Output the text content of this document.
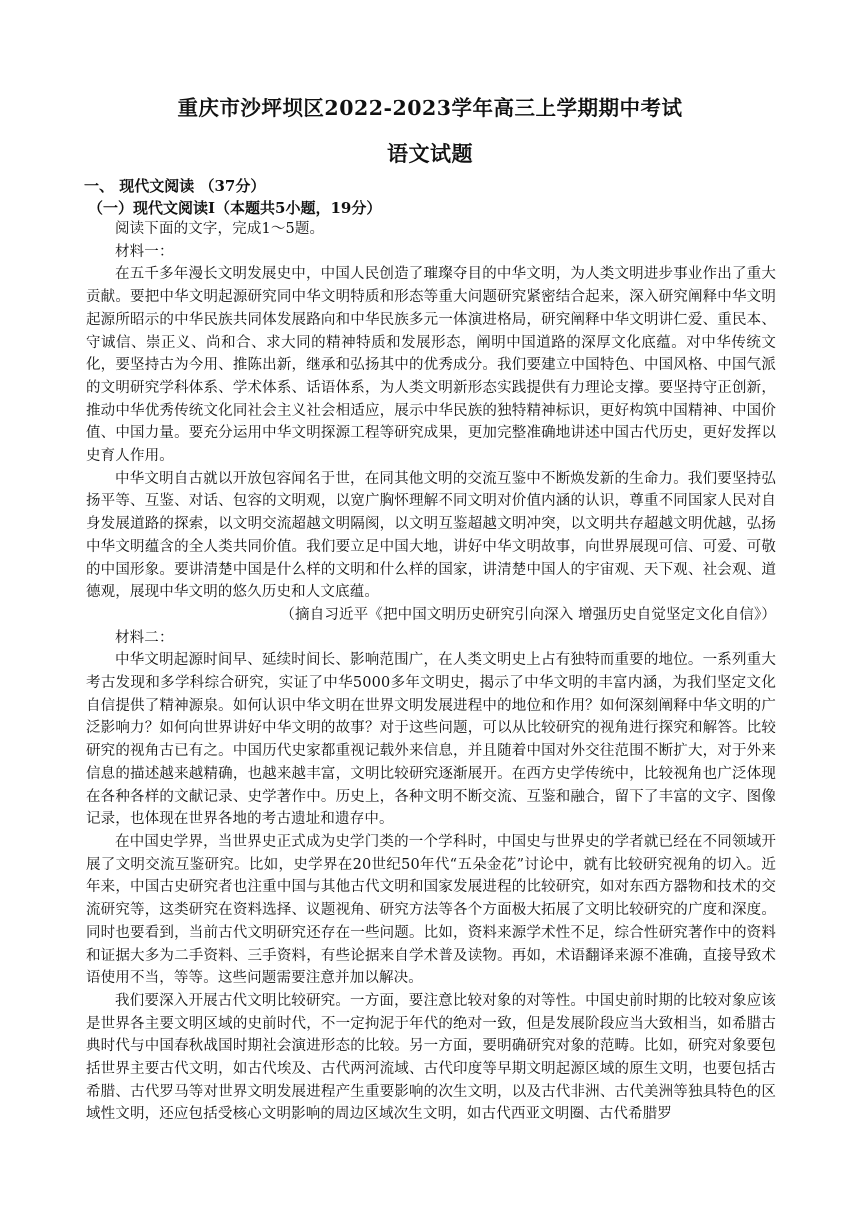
重庆市沙坪坝区2022-2023学年高三上学期期中考试
语文试题
一、 现代文阅读 （37分）
（一）现代文阅读Ⅰ（本题共5小题，19分）

阅读下面的文字，完成1～5题。

材料一：

在五千多年漫长文明发展史中，中国人民创造了璀璨夺目的中华文明，为人类文明进步事业作出了重大贡献。要把中华文明起源研究同中华文明特质和形态等重大问题研究紧密结合起来，深入研究阐释中华文明起源所昭示的中华民族共同体发展路向和中华民族多元一体演进格局，研究阐释中华文明讲仁爱、重民本、守诚信、崇正义、尚和合、求大同的精神特质和发展形态，阐明中国道路的深厚文化底蕴。对中华传统文化，要坚持古为今用、推陈出新，继承和弘扬其中的优秀成分。我们要建立中国特色、中国风格、中国气派的文明研究学科体系、学术体系、话语体系，为人类文明新形态实践提供有力理论支撑。要坚持守正创新，推动中华优秀传统文化同社会主义社会相适应，展示中华民族的独特精神标识，更好构筑中国精神、中国价值、中国力量。要充分运用中华文明探源工程等研究成果，更加完整准确地讲述中国古代历史，更好发挥以史育人作用。

中华文明自古就以开放包容闻名于世，在同其他文明的交流互鉴中不断焕发新的生命力。我们要坚持弘扬平等、互鉴、对话、包容的文明观，以宽广胸怀理解不同文明对价值内涵的认识，尊重不同国家人民对自身发展道路的探索，以文明交流超越文明隔阂，以文明互鉴超越文明冲突，以文明共存超越文明优越，弘扬中华文明蕴含的全人类共同价值。我们要立足中国大地，讲好中华文明故事，向世界展现可信、可爱、可敬的中国形象。要讲清楚中国是什么样的文明和什么样的国家，讲清楚中国人的宇宙观、天下观、社会观、道德观，展现中华文明的悠久历史和人文底蕴。

（摘自习近平《把中国文明历史研究引向深入 增强历史自觉坚定文化自信》）

材料二：

中华文明起源时间早、延续时间长、影响范围广，在人类文明史上占有独特而重要的地位。一系列重大考古发现和多学科综合研究，实证了中华5000多年文明史，揭示了中华文明的丰富内涵，为我们坚定文化自信提供了精神源泉。如何认识中华文明在世界文明发展进程中的地位和作用？如何深刻阐释中华文明的广泛影响力？如何向世界讲好中华文明的故事？对于这些问题，可以从比较研究的视角进行探究和解答。比较研究的视角古已有之。中国历代史家都重视记载外来信息，并且随着中国对外交往范围不断扩大，对于外来信息的描述越来越精确，也越来越丰富，文明比较研究逐渐展开。在西方史学传统中，比较视角也广泛体现在各种各样的文献记录、史学著作中。历史上，各种文明不断交流、互鉴和融合，留下了丰富的文字、图像记录，也体现在世界各地的考古遗址和遗存中。

在中国史学界，当世界史正式成为史学门类的一个学科时，中国史与世界史的学者就已经在不同领域开展了文明交流互鉴研究。比如，史学界在20世纪50年代“五朵金花”讨论中，就有比较研究视角的切入。近年来，中国古史研究者也注重中国与其他古代文明和国家发展进程的比较研究，如对东西方器物和技术的交流研究等，这类研究在资料选择、议题视角、研究方法等各个方面极大拓展了文明比较研究的广度和深度。同时也要看到，当前古代文明研究还存在一些问题。比如，资料来源学术性不足，综合性研究著作中的资料和证据大多为二手资料、三手资料，有些论据来自学术普及读物。再如，术语翻译来源不准确，直接导致术语使用不当，等等。这些问题需要注意并加以解决。

我们要深入开展古代文明比较研究。一方面，要注意比较对象的对等性。中国史前时期的比较对象应该是世界各主要文明区域的史前时代，不一定拘泥于年代的绝对一致，但是发展阶段应当大致相当，如希腊古典时代与中国春秋战国时期社会演进形态的比较。另一方面，要明确研究对象的范畴。比如，研究对象要包括世界主要古代文明，如古代埃及、古代两河流域、古代印度等早期文明起源区域的原生文明，也要包括古希腊、古代罗马等对世界文明发展进程产生重要影响的次生文明，以及古代非洲、古代美洲等独具特色的区域性文明，还应包括受核心文明影响的周边区域次生文明，如古代西亚文明圈、古代希腊罗
